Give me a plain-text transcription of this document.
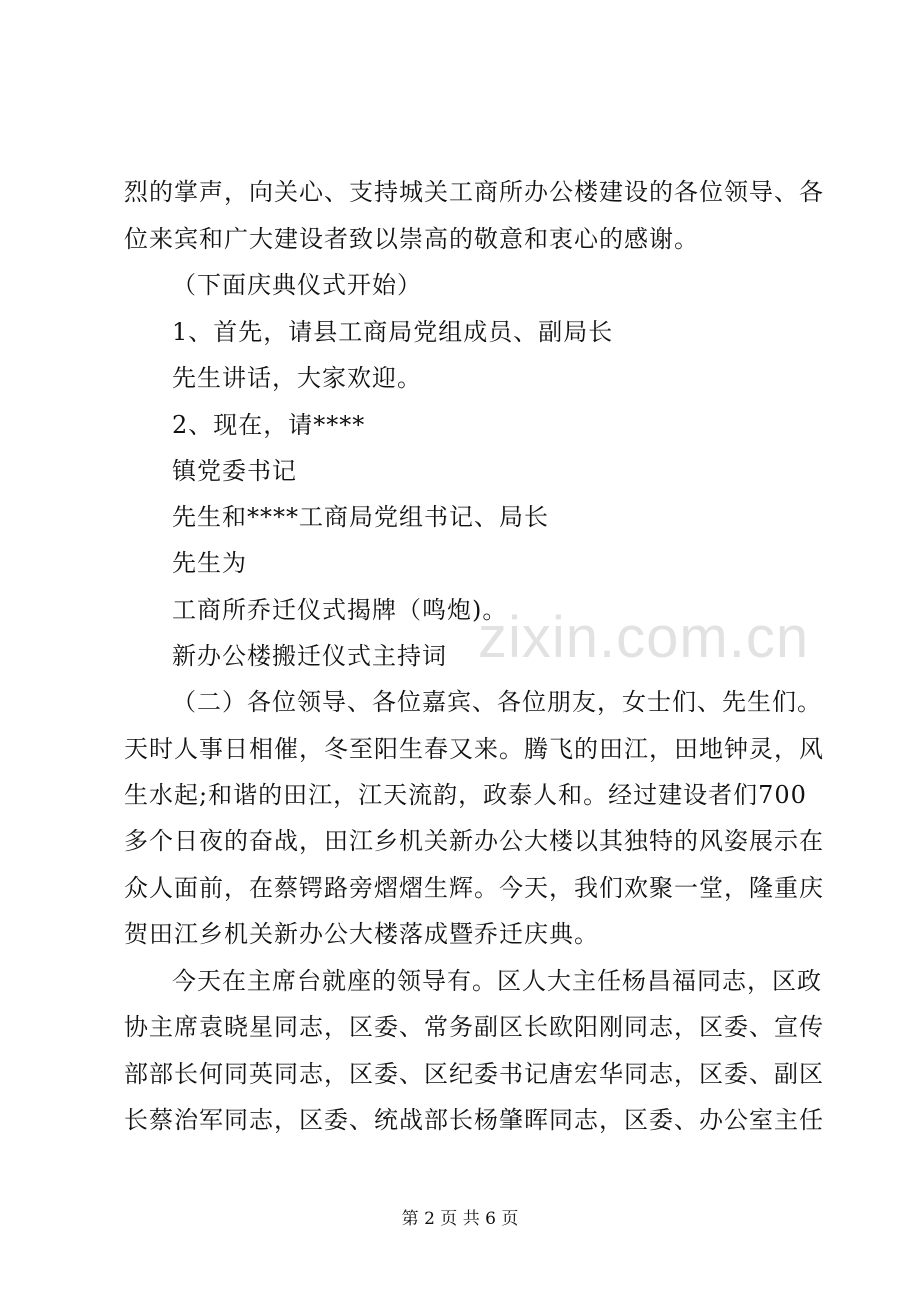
烈的掌声，向关心、支持城关工商所办公楼建设的各位领导、各
位来宾和广大建设者致以崇高的敬意和衷心的感谢。
（下面庆典仪式开始）
1、首先，请县工商局党组成员、副局长
先生讲话，大家欢迎。
2、现在，请****
镇党委书记
先生和****工商局党组书记、局长
先生为
工商所乔迁仪式揭牌（鸣炮)。
新办公楼搬迁仪式主持词
（二）各位领导、各位嘉宾、各位朋友，女士们、先生们。
天时人事日相催，冬至阳生春又来。腾飞的田江，田地钟灵，风
生水起;和谐的田江，江天流韵，政泰人和。经过建设者们700
多个日夜的奋战，田江乡机关新办公大楼以其独特的风姿展示在
众人面前，在蔡锷路旁熠熠生辉。今天，我们欢聚一堂，隆重庆
贺田江乡机关新办公大楼落成暨乔迁庆典。
今天在主席台就座的领导有。区人大主任杨昌福同志，区政
协主席袁晓星同志，区委、常务副区长欧阳刚同志，区委、宣传
部部长何同英同志，区委、区纪委书记唐宏华同志，区委、副区
长蔡治军同志，区委、统战部长杨肇晖同志，区委、办公室主任
zixin.com.cn
第 2 页 共 6 页
